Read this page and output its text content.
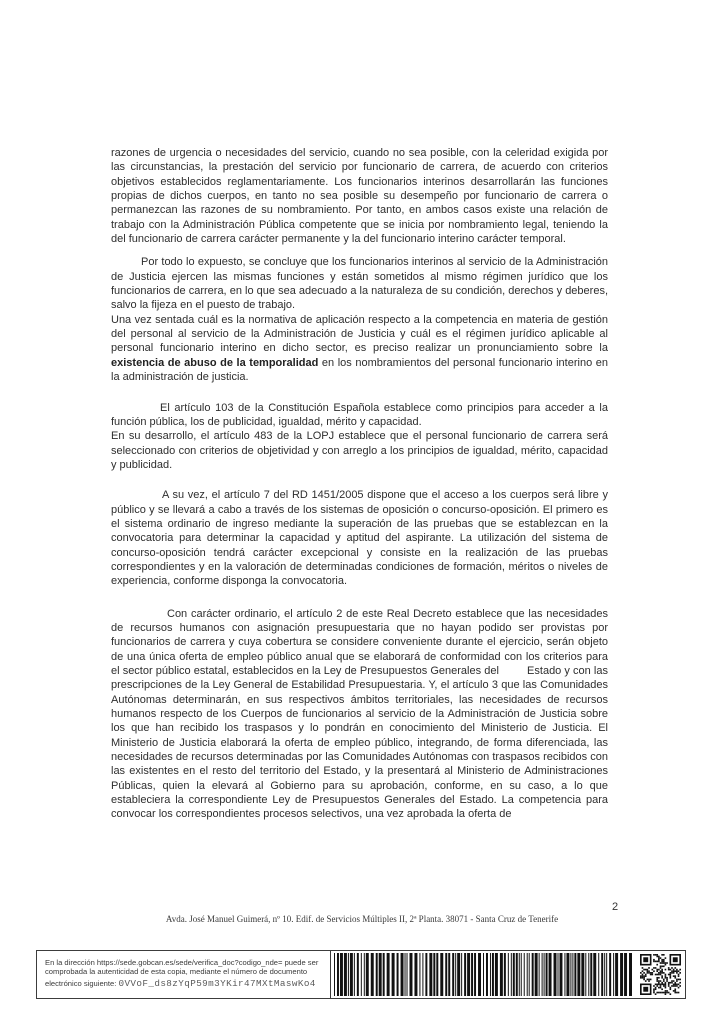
razones de urgencia o necesidades del servicio, cuando no sea posible, con la celeridad exigida por las circunstancias, la prestación del servicio por funcionario de carrera, de acuerdo con criterios objetivos establecidos reglamentariamente. Los funcionarios interinos desarrollarán las funciones propias de dichos cuerpos, en tanto no sea posible su desempeño por funcionario de carrera o permanezcan las razones de su nombramiento. Por tanto, en ambos casos existe una relación de trabajo con la Administración Pública competente que se inicia por nombramiento legal, teniendo la del funcionario de carrera carácter permanente y la del funcionario interino carácter temporal.

Por todo lo expuesto, se concluye que los funcionarios interinos al servicio de la Administración de Justicia ejercen las mismas funciones y están sometidos al mismo régimen jurídico que los funcionarios de carrera, en lo que sea adecuado a la naturaleza de su condición, derechos y deberes, salvo la fijeza en el puesto de trabajo.

Una vez sentada cuál es la normativa de aplicación respecto a la competencia en materia de gestión del personal al servicio de la Administración de Justicia y cuál es el régimen jurídico aplicable al personal funcionario interino en dicho sector, es preciso realizar un pronunciamiento sobre la existencia de abuso de la temporalidad en los nombramientos del personal funcionario interino en la administración de justicia.

El artículo 103 de la Constitución Española establece como principios para acceder a la función pública, los de publicidad, igualdad, mérito y capacidad.

En su desarrollo, el artículo 483 de la LOPJ establece que el personal funcionario de carrera será seleccionado con criterios de objetividad y con arreglo a los principios de igualdad, mérito, capacidad y publicidad.

A su vez, el artículo 7 del RD 1451/2005 dispone que el acceso a los cuerpos será libre y público y se llevará a cabo a través de los sistemas de oposición o concurso-oposición. El primero es el sistema ordinario de ingreso mediante la superación de las pruebas que se establezcan en la convocatoria para determinar la capacidad y aptitud del aspirante. La utilización del sistema de concurso-oposición tendrá carácter excepcional y consiste en la realización de las pruebas correspondientes y en la valoración de determinadas condiciones de formación, méritos o niveles de experiencia, conforme disponga la convocatoria.

Con carácter ordinario, el artículo 2 de este Real Decreto establece que las necesidades de recursos humanos con asignación presupuestaria que no hayan podido ser provistas por funcionarios de carrera y cuya cobertura se considere conveniente durante el ejercicio, serán objeto de una única oferta de empleo público anual que se elaborará de conformidad con los criterios para el sector público estatal, establecidos en la Ley de Presupuestos Generales del         Estado y con las prescripciones de la Ley General de Estabilidad Presupuestaria. Y, el artículo 3 que las Comunidades Autónomas determinarán, en sus respectivos ámbitos territoriales, las necesidades de recursos humanos respecto de los Cuerpos de funcionarios al servicio de la Administración de Justicia sobre los que han recibido los traspasos y lo pondrán en conocimiento del Ministerio de Justicia. El Ministerio de Justicia elaborará la oferta de empleo público, integrando, de forma diferenciada, las necesidades de recursos determinadas por las Comunidades Autónomas con traspasos recibidos con las existentes en el resto del territorio del Estado, y la presentará al Ministerio de Administraciones Públicas, quien la elevará al Gobierno para su aprobación, conforme, en su caso, a lo que estableciera la correspondiente Ley de Presupuestos Generales del Estado. La competencia para convocar los correspondientes procesos selectivos, una vez aprobada la oferta de

2
Avda. José Manuel Guimerá, nº 10. Edif. de Servicios Múltiples II, 2ª Planta. 38071 - Santa Cruz de Tenerife
En la dirección https://sede.gobcan.es/sede/verifica_doc?codigo_nde= puede ser
comprobada la autenticidad de esta copia, mediante el número de documento
electrónico siguiente: 0VVoF_ds8zYqP59m3YKir47MXtMaswKo4
